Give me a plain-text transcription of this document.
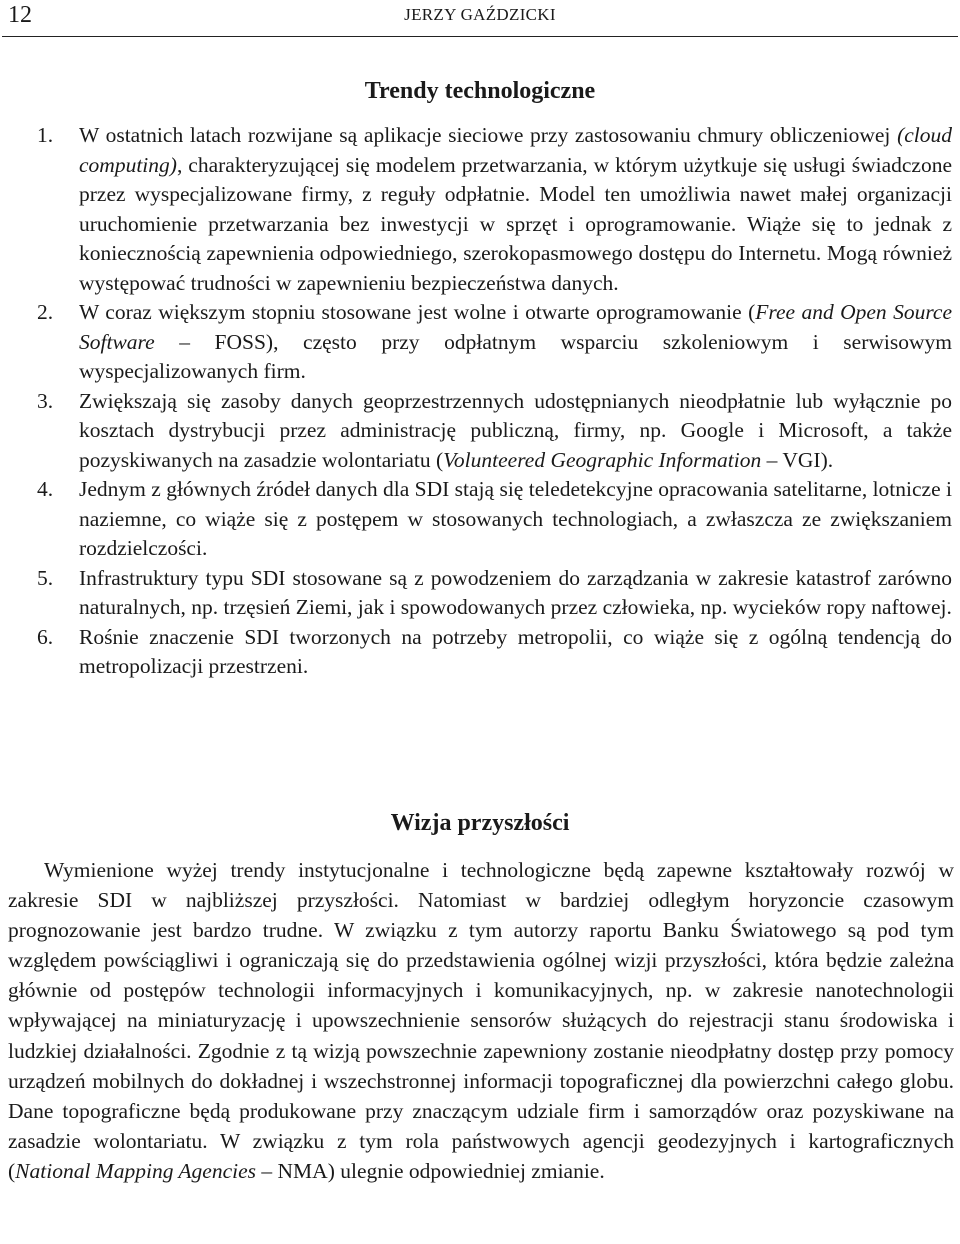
12	JERZY GAŹDZICKI
Trendy technologiczne
1. W ostatnich latach rozwijane są aplikacje sieciowe przy zastosowaniu chmury obliczeniowej (cloud computing), charakteryzującej się modelem przetwarzania, w którym użytkuje się usługi świadczone przez wyspecjalizowane firmy, z reguły odpłatnie. Model ten umożliwia nawet małej organizacji uruchomienie przetwarzania bez inwestycji w sprzęt i oprogramowanie. Wiąże się to jednak z koniecznością zapewnienia odpowiedniego, szerokopasmowego dostępu do Internetu. Mogą również występować trudności w zapewnieniu bezpieczeństwa danych.
2. W coraz większym stopniu stosowane jest wolne i otwarte oprogramowanie (Free and Open Source Software – FOSS), często przy odpłatnym wsparciu szkoleniowym i serwisowym wyspecjalizowanych firm.
3. Zwiększają się zasoby danych geoprzestrzennych udostępnianych nieodpłatnie lub wyłącznie po kosztach dystrybucji przez administrację publiczną, firmy, np. Google i Microsoft, a także pozyskiwanych na zasadzie wolontariatu (Volunteered Geographic Information – VGI).
4. Jednym z głównych źródeł danych dla SDI stają się teledetekcyjne opracowania satelitarne, lotnicze i naziemne, co wiąże się z postępem w stosowanych technologiach, a zwłaszcza ze zwiększaniem rozdzielczości.
5. Infrastruktury typu SDI stosowane są z powodzeniem do zarządzania w zakresie katastrof zarówno naturalnych, np. trzęsień Ziemi, jak i spowodowanych przez człowieka, np. wycieków ropy naftowej.
6. Rośnie znaczenie SDI tworzonych na potrzeby metropolii, co wiąże się z ogólną tendencją do metropolizacji przestrzeni.
Wizja przyszłości

Wymienione wyżej trendy instytucjonalne i technologiczne będą zapewne kształtowały rozwój w zakresie SDI w najbliższej przyszłości. Natomiast w bardziej odległym horyzoncie czasowym prognozowanie jest bardzo trudne. W związku z tym autorzy raportu Banku Światowego są pod tym względem powściągliwi i ograniczają się do przedstawienia ogólnej wizji przyszłości, która będzie zależna głównie od postępów technologii informacyjnych i komunikacyjnych, np. w zakresie nanotechnologii wpływającej na miniaturyzację i upowszechnienie sensorów służących do rejestracji stanu środowiska i ludzkiej działalności. Zgodnie z tą wizją powszechnie zapewniony zostanie nieodpłatny dostęp przy pomocy urządzeń mobilnych do dokładnej i wszechstronnej informacji topograficznej dla powierzchni całego globu. Dane topograficzne będą produkowane przy znaczącym udziale firm i samorządów oraz pozyskiwane na zasadzie wolontariatu. W związku z tym rola państwowych agencji geodezyjnych i kartograficznych (National Mapping Agencies – NMA) ulegnie odpowiedniej zmianie.
